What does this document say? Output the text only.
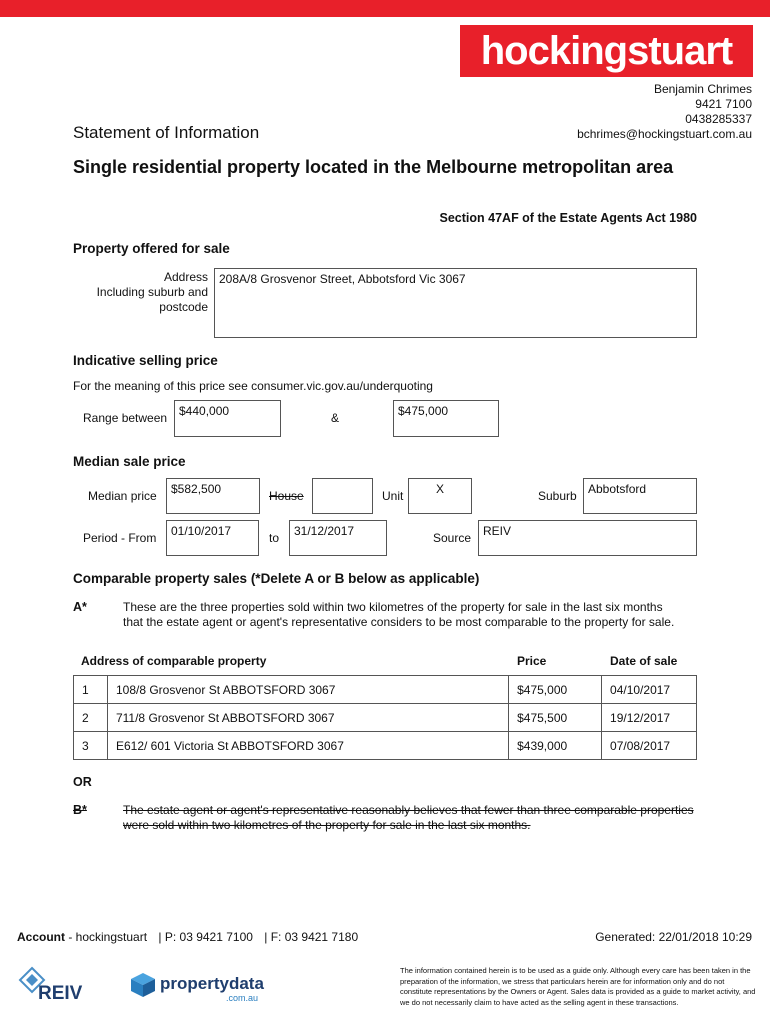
hockingstuart
Benjamin Chrimes
9421 7100
0438285337
bchrimes@hockingstuart.com.au
Statement of Information
Single residential property located in the Melbourne metropolitan area
Section 47AF of the Estate Agents Act 1980
Property offered for sale
Address
Including suburb and
postcode
208A/8 Grosvenor Street, Abbotsford Vic 3067
Indicative selling price
For the meaning of this price see consumer.vic.gov.au/underquoting
Range between $440,000	&	$475,000
Median sale price
Median price	$582,500	House	Unit	X	Suburb Abbotsford
Period - From	01/10/2017	to	31/12/2017	Source REIV
Comparable property sales (*Delete A or B below as applicable)
A*	These are the three properties sold within two kilometres of the property for sale in the last six months that the estate agent or agent's representative considers to be most comparable to the property for sale.
Address of comparable property	Price	Date of sale
1	108/8 Grosvenor St ABBOTSFORD 3067	$475,000	04/10/2017
2	711/8 Grosvenor St ABBOTSFORD 3067	$475,500	19/12/2017
3	E612/ 601 Victoria St ABBOTSFORD 3067	$439,000	07/08/2017
OR
B*	The estate agent or agent's representative reasonably believes that fewer than three comparable properties were sold within two kilometres of the property for sale in the last six months.
Account - hockingstuart | P: 03 9421 7100 | F: 03 9421 7180	Generated: 22/01/2018 10:29
REIV	propertydata
.com.au
The information contained herein is to be used as a guide only. Although every care has been taken in the preparation of the information, we stress that particulars herein are for information only and do not constitute representations by the Owners or Agent. Sales data is provided as a guide to market activity, and we do not necessarily claim to have acted as the selling agent in these transactions.
